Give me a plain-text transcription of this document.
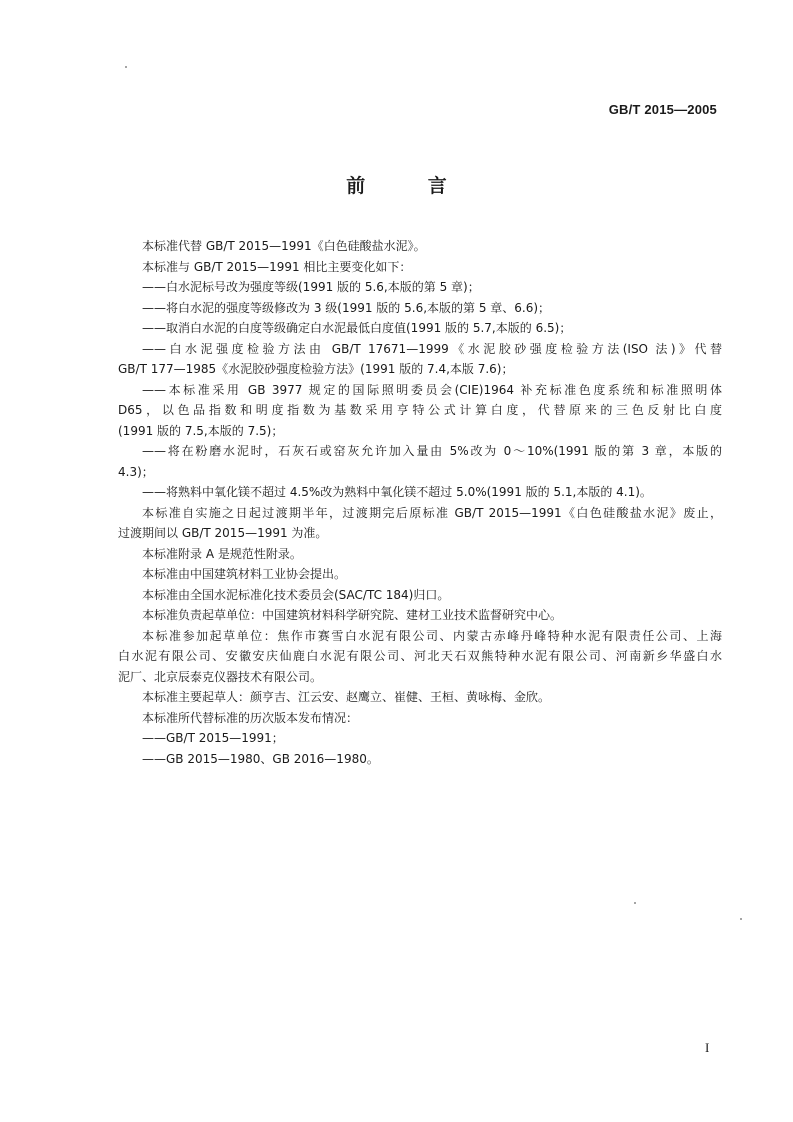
GB/T 2015—2005
前 言

本标准代替 GB/T 2015—1991《白色硅酸盐水泥》。

本标准与 GB/T 2015—1991 相比主要变化如下：

——白水泥标号改为强度等级(1991 版的 5.6,本版的第 5 章)；

——将白水泥的强度等级修改为 3 级(1991 版的 5.6,本版的第 5 章、6.6)；

——取消白水泥的白度等级确定白水泥最低白度值(1991 版的 5.7,本版的 6.5)；

——白水泥强度检验方法由 GB/T 17671—1999《水泥胶砂强度检验方法(ISO 法)》代替

GB/T 177—1985《水泥胶砂强度检验方法》(1991 版的 7.4,本版 7.6)；

——本标准采用 GB 3977 规定的国际照明委员会(CIE)1964 补充标准色度系统和标准照明体

D65，以色品指数和明度指数为基数采用亨特公式计算白度，代替原来的三色反射比白度

(1991 版的 7.5,本版的 7.5)；

——将在粉磨水泥时，石灰石或窑灰允许加入量由 5%改为 0～10%(1991 版的第 3 章，本版的

4.3)；

——将熟料中氧化镁不超过 4.5%改为熟料中氧化镁不超过 5.0%(1991 版的 5.1,本版的 4.1)。

本标准自实施之日起过渡期半年，过渡期完后原标准 GB/T 2015—1991《白色硅酸盐水泥》废止，

过渡期间以 GB/T 2015—1991 为准。

本标准附录 A 是规范性附录。

本标准由中国建筑材料工业协会提出。

本标准由全国水泥标准化技术委员会(SAC/TC 184)归口。

本标准负责起草单位：中国建筑材料科学研究院、建材工业技术监督研究中心。

本标准参加起草单位：焦作市赛雪白水泥有限公司、内蒙古赤峰丹峰特种水泥有限责任公司、上海

白水泥有限公司、安徽安庆仙鹿白水泥有限公司、河北天石双熊特种水泥有限公司、河南新乡华盛白水

泥厂、北京辰泰克仪器技术有限公司。

本标准主要起草人：颜亨吉、江云安、赵鹰立、崔健、王桓、黄咏梅、金欣。

本标准所代替标准的历次版本发布情况：

——GB/T 2015—1991；

——GB 2015—1980、GB 2016—1980。

I
